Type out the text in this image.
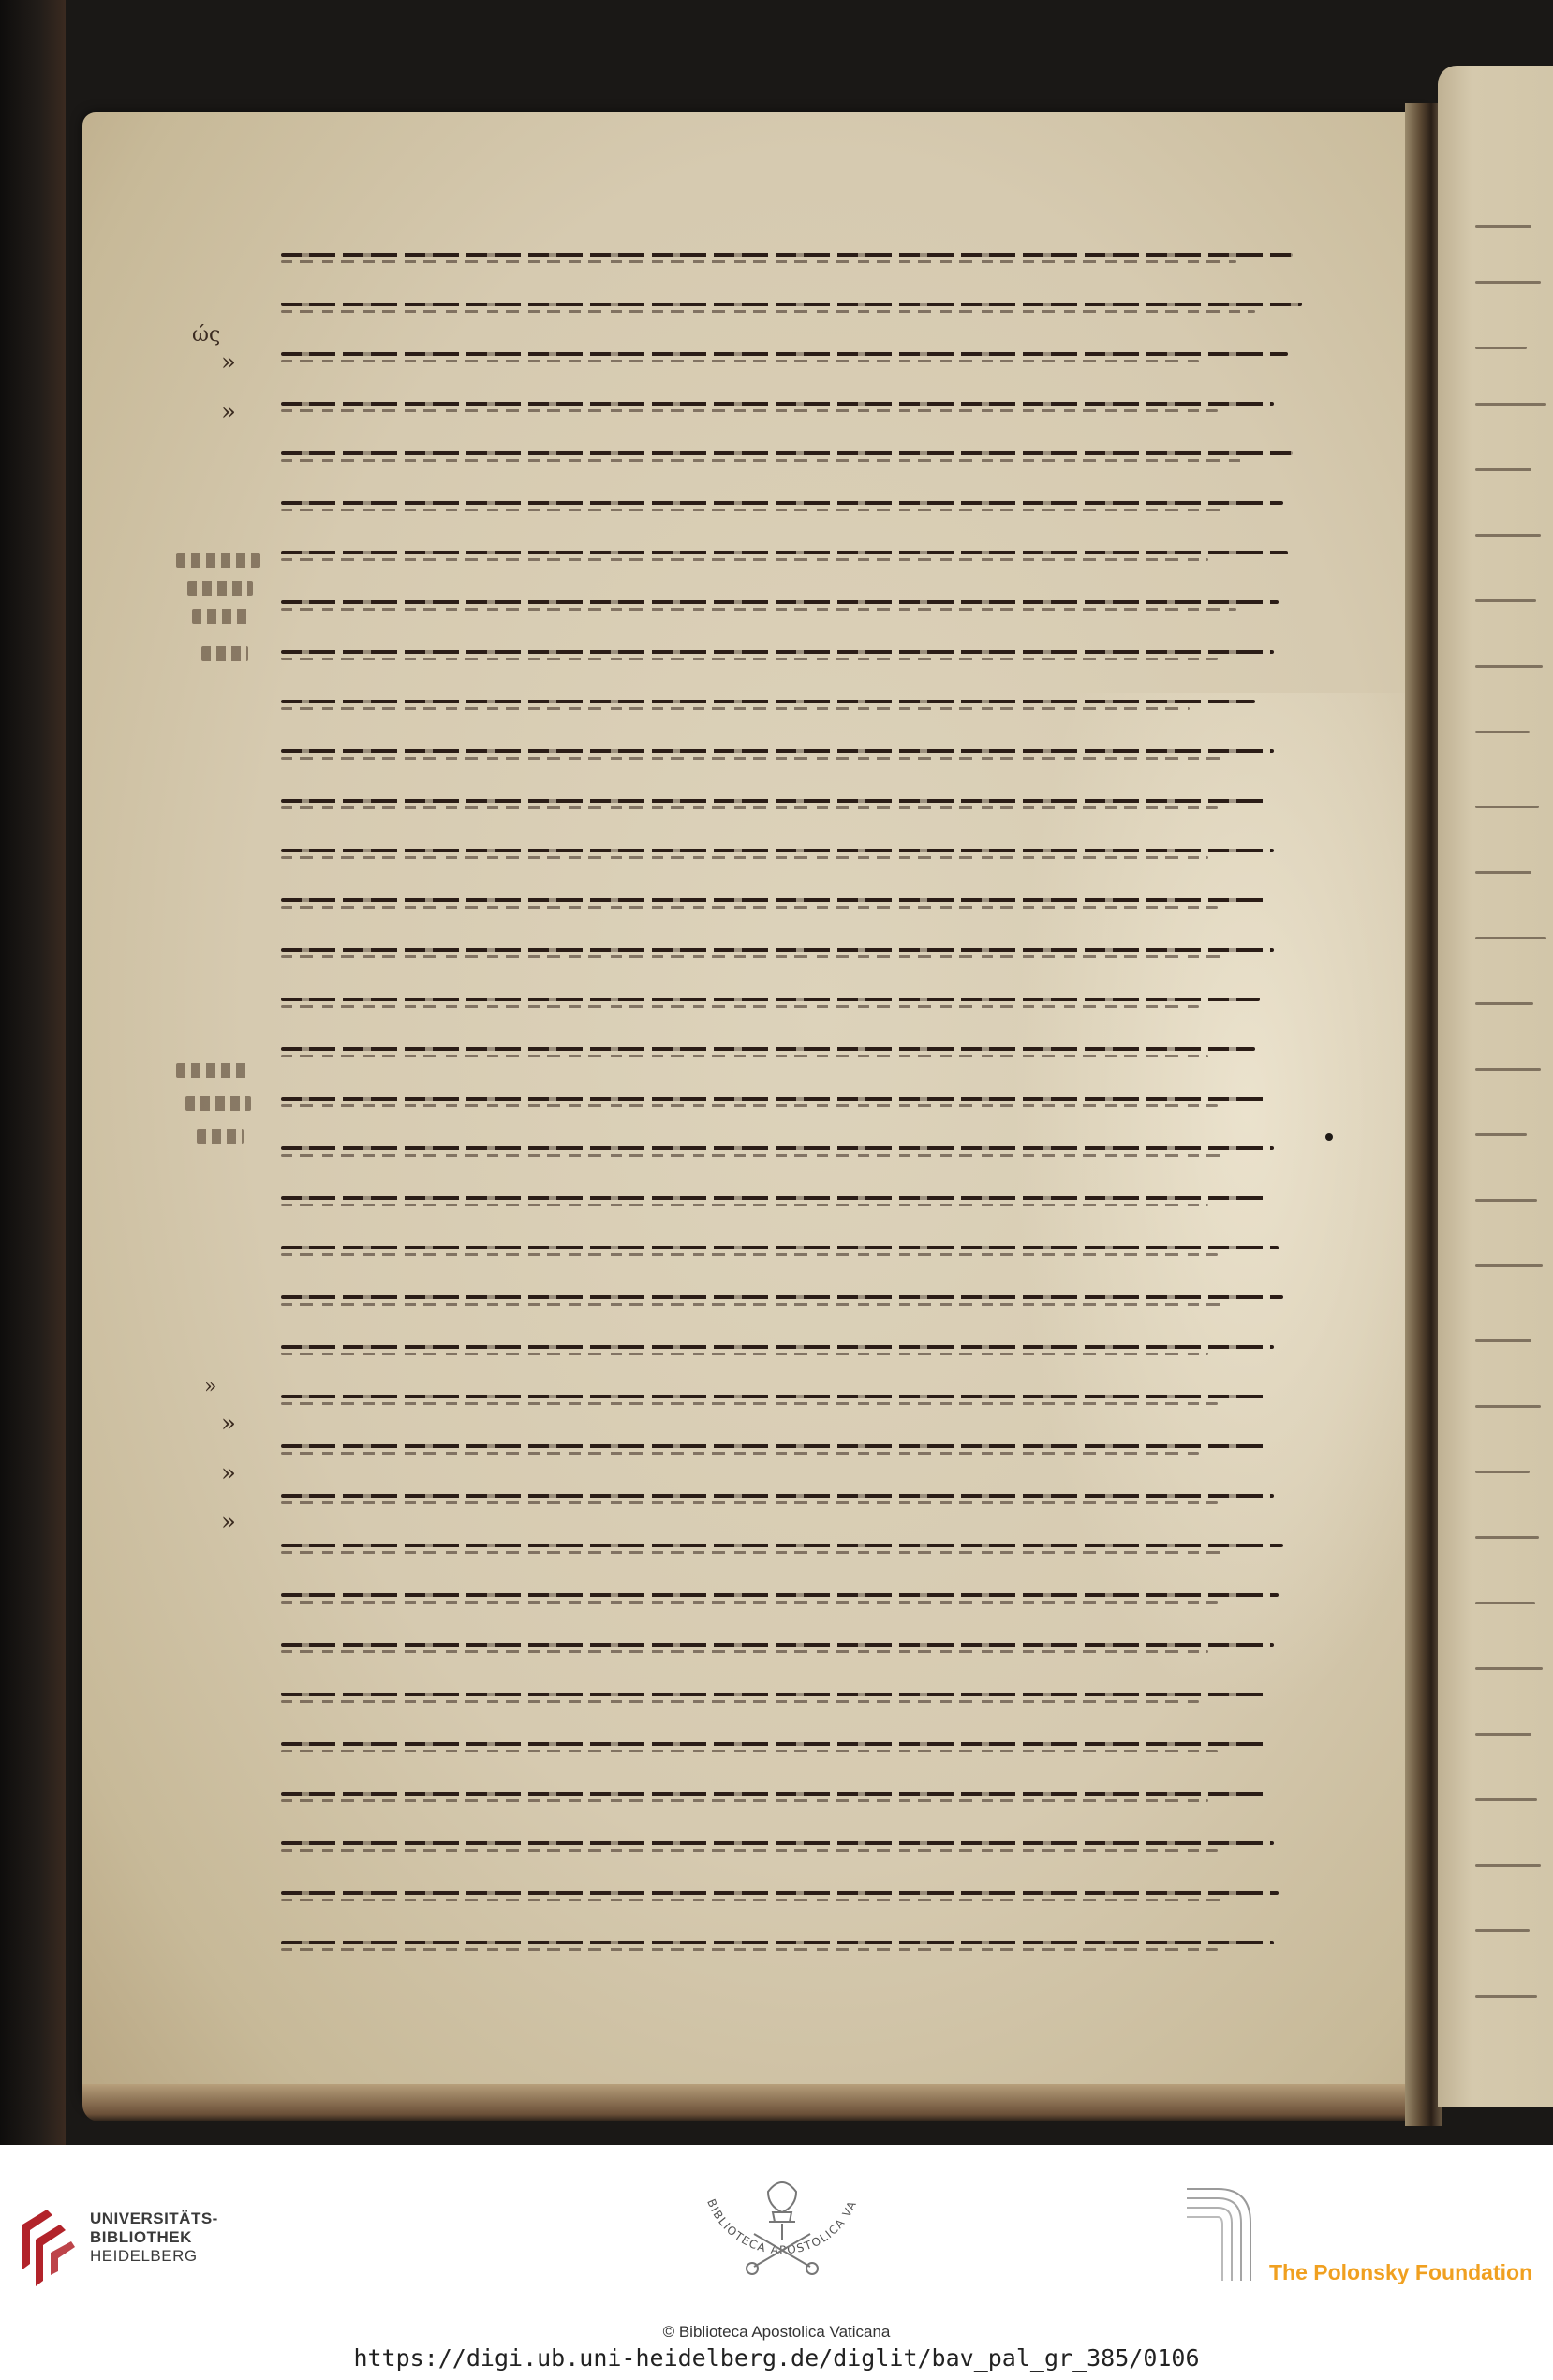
ώς
»
»
»
»
»
»
UNIVERSITÄTS-
BIBLIOTHEK
HEIDELBERG
BIBLIOTECA APOSTOLICA VA
The Polonsky Foundation
© Biblioteca Apostolica Vaticana
https://digi.ub.uni-heidelberg.de/diglit/bav_pal_gr_385/0106
